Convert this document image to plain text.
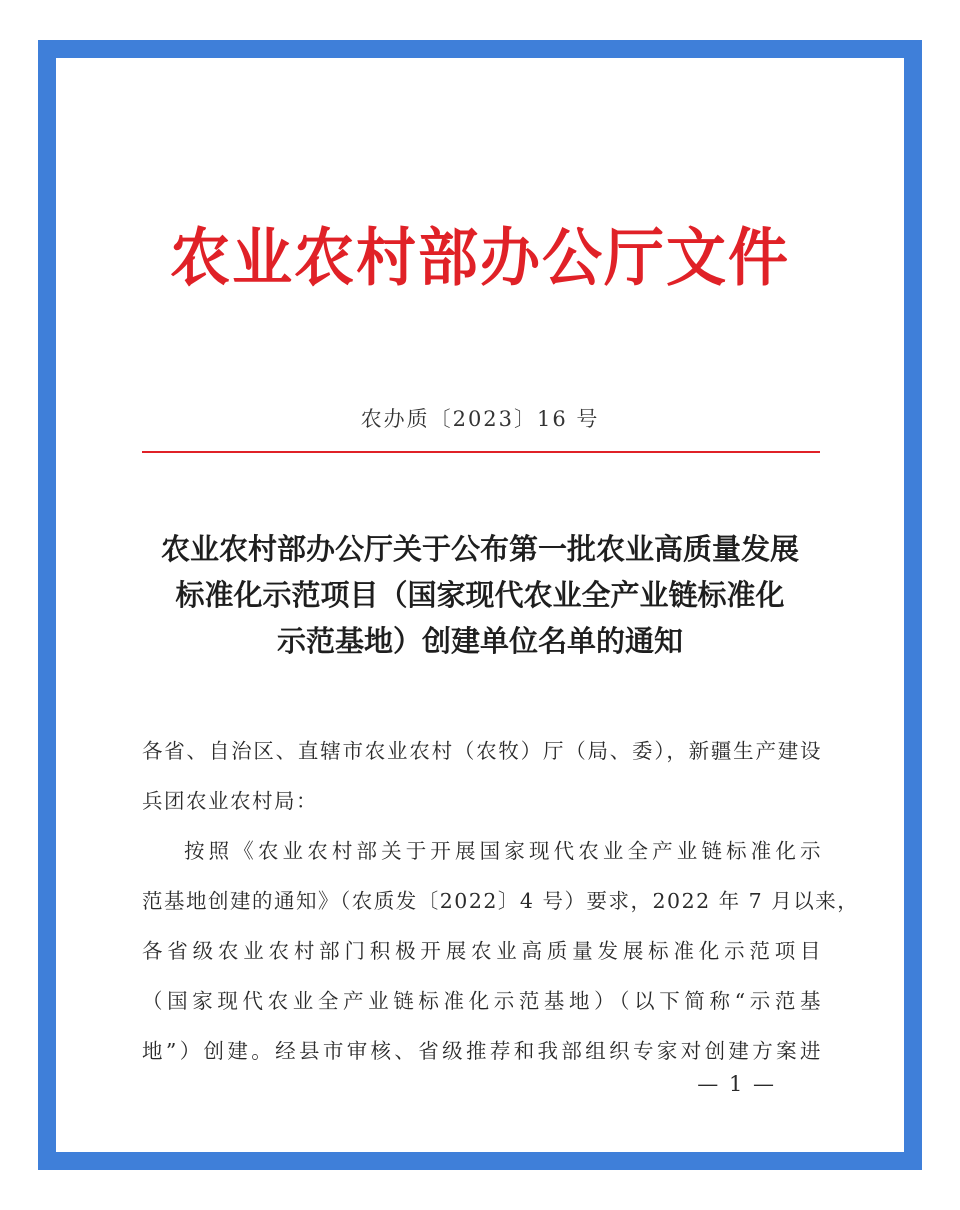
农业农村部办公厅文件
农办质〔2023〕16 号
农业农村部办公厅关于公布第一批农业高质量发展
标准化示范项目（国家现代农业全产业链标准化
示范基地）创建单位名单的通知
各省、自治区、直辖市农业农村（农牧）厅（局、委），新疆生产建设
兵团农业农村局：
按照《农业农村部关于开展国家现代农业全产业链标准化示
范基地创建的通知》（农质发〔2022〕4 号）要求，2022 年 7 月以来，
各省级农业农村部门积极开展农业高质量发展标准化示范项目
（国家现代农业全产业链标准化示范基地）（以下简称“示范基
地”）创建。经县市审核、省级推荐和我部组织专家对创建方案进
— 1 —
